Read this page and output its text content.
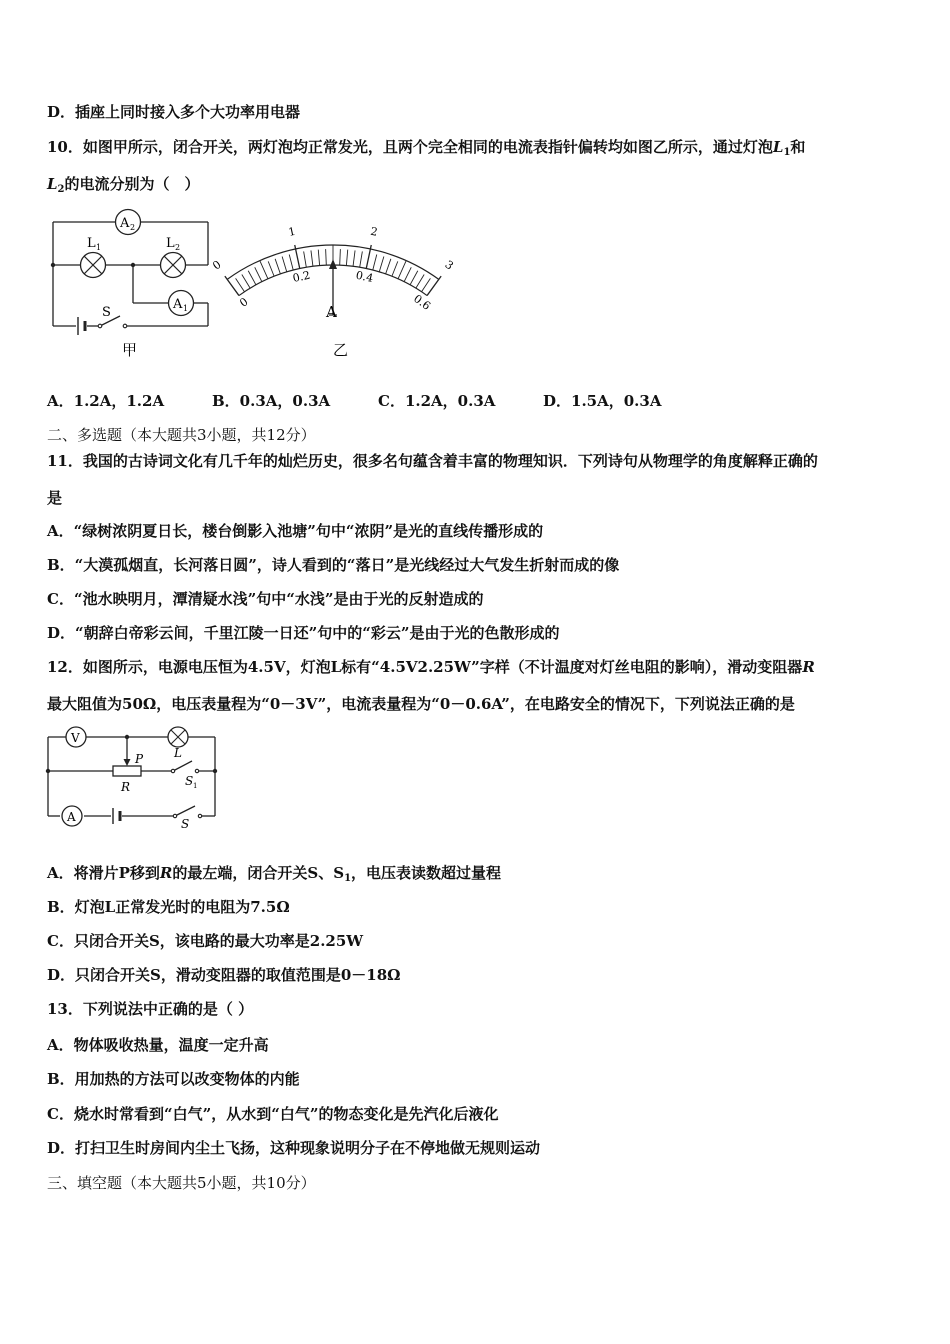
D．插座上同时接入多个大功率用电器
10．如图甲所示，闭合开关，两灯泡均正常发光，且两个完全相同的电流表指针偏转均如图乙所示，通过灯泡$L_1$和
$L_2$的电流分别为（　）
A 2
L 1	L 2
A 1
S
甲
0
1	2
3
0
0.2	0.4
0.6
A
乙
A．1.2A，1.2A	B．0.3A，0.3A	C．1.2A，0.3A	D．1.5A，0.3A
二、多选题（本大题共3小题，共12分）
11．我国的古诗词文化有几千年的灿烂历史，很多名句蕴含着丰富的物理知识．下列诗句从物理学的角度解释正确的
是
A．“绿树浓阴夏日长，楼台倒影入池塘”句中“浓阴”是光的直线传播形成的
B．“大漠孤烟直，长河落日圆”，诗人看到的“落日”是光线经过大气发生折射而成的像
C．“池水映明月，潭清疑水浅”句中“水浅”是由于光的反射造成的
D．“朝辞白帝彩云间，千里江陵一日还”句中的“彩云”是由于光的色散形成的
12．如图所示，电源电压恒为4.5V，灯泡L标有“4.5V2.25W”字样（不计温度对灯丝电阻的影响），滑动变阻器R
最大阻值为50Ω，电压表量程为“0－3V”，电流表量程为“0－0.6A”，在电路安全的情况下，下列说法正确的是
V
A
P	L
R	S 1
S
A．将滑片P移到R的最左端，闭合开关S、$S_1$，电压表读数超过量程
B．灯泡L正常发光时的电阻为7.5Ω
C．只闭合开关S，该电路的最大功率是2.25W
D．只闭合开关S，滑动变阻器的取值范围是0－18Ω
13．下列说法中正确的是（ ）
A．物体吸收热量，温度一定升高
B．用加热的方法可以改变物体的内能
C．烧水时常看到“白气”，从水到“白气”的物态变化是先汽化后液化
D．打扫卫生时房间内尘土飞扬，这种现象说明分子在不停地做无规则运动
三、填空题（本大题共5小题，共10分）
